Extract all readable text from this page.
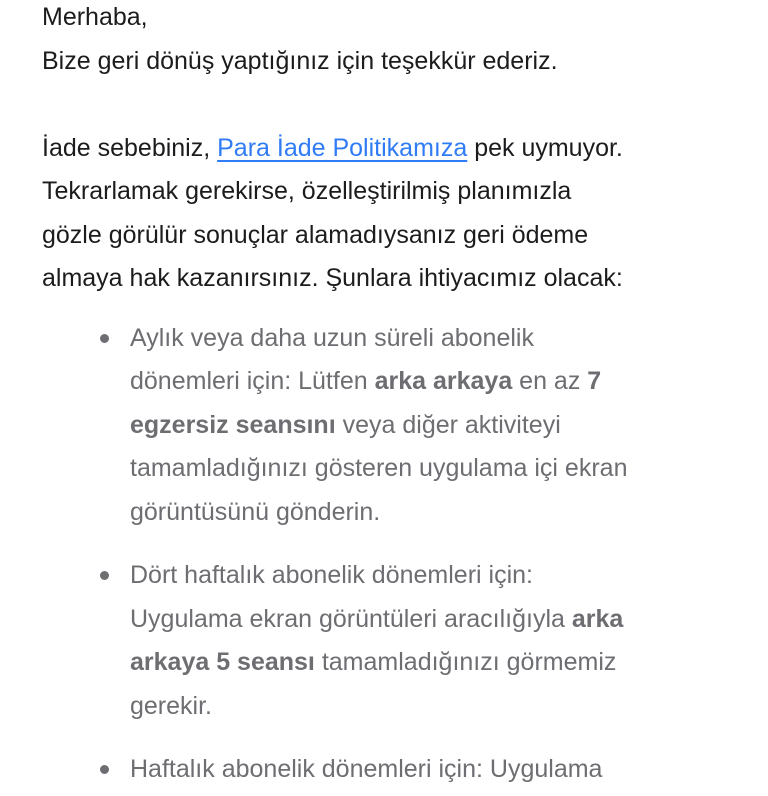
Merhaba,
Bize geri dönüş yaptığınız için teşekkür ederiz.

İade sebebiniz, Para İade Politikamıza pek uymuyor.
Tekrarlamak gerekirse, özelleştirilmiş planımızla
gözle görülür sonuçlar alamadıysanız geri ödeme
almaya hak kazanırsınız. Şunlara ihtiyacımız olacak:

Aylık veya daha uzun süreli abonelik
dönemleri için: Lütfen arka arkaya en az 7
egzersiz seansını veya diğer aktiviteyi
tamamladığınızı gösteren uygulama içi ekran
görüntüsünü gönderin.
Dört haftalık abonelik dönemleri için:
Uygulama ekran görüntüleri aracılığıyla arka
arkaya 5 seansı tamamladığınızı görmemiz
gerekir.
Haftalık abonelik dönemleri için: Uygulama
